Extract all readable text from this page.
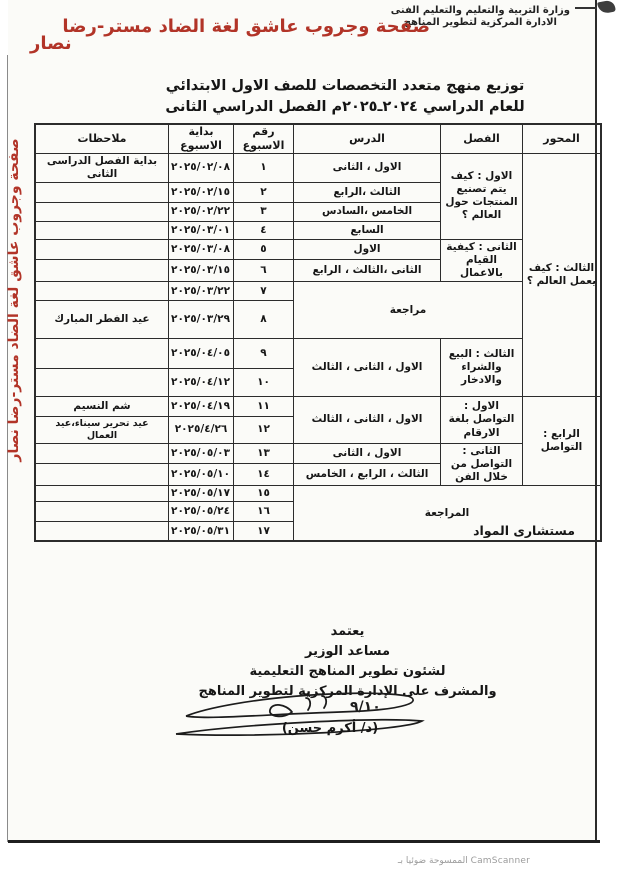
وزارة التربية والتعليم والتعليم الفنى
الادارة المركزية لتطوير المناهج
صفحة وجروب عاشق لغة الضاد مستر-رضا
نصار
صفحة وجروب عاشق لغة الضاد مستر-رضا نصار
توزيع منهج متعدد التخصصات للصف الاول الابتدائي
للعام الدراسي ⁦٢٠٢٤ـ٢٠٢٥⁩م الفصل الدراسي الثانى
المحور	الفصل	الدرس	رقم الاسبوع	بداية الاسبوع	ملاحظات
الثالث : كيف يعمل العالم ؟	الاول : كيف يتم تصنيع المنتجات حول العالم ؟	الاول ، الثانى	١	٢٠٢٥/٠٢/٠٨	بداية الفصل الدراسى الثانى
		الثالث ،الرابع	٢	٢٠٢٥/٠٢/١٥	
		الخامس ،السادس	٣	٢٠٢٥/٠٢/٢٢	
		السابع	٤	٢٠٢٥/٠٣/٠١	
	الثانى : كيفية القيام بالاعمال	الاول	٥	٢٠٢٥/٠٣/٠٨	
		الثانى ،الثالث ، الرابع	٦	٢٠٢٥/٠٣/١٥	
	مراجعة		٧	٢٠٢٥/٠٣/٢٢	
			٨	٢٠٢٥/٠٣/٢٩	عيد الفطر المبارك
	الثالث : البيع والشراء والادخار	الاول ، الثانى ، الثالث	٩	٢٠٢٥/٠٤/٠٥	
			١٠	٢٠٢٥/٠٤/١٢	
الرابع : التواصل	الاول : التواصل بلغة الارقام	الاول ، الثانى ، الثالث	١١	٢٠٢٥/٠٤/١٩	شم النسيم
			١٢	٢٠٢٥/٤/٢٦	عيد تحرير سيناء،عيد العمال
	الثانى : التواصل من خلال الفن	الاول ، الثانى	١٣	٢٠٢٥/٠٥/٠٣	
		الثالث ، الرابع ، الخامس	١٤	٢٠٢٥/٠٥/١٠	
المراجعة			١٥	٢٠٢٥/٠٥/١٧	
			١٦	٢٠٢٥/٠٥/٢٤	
			١٧	٢٠٢٥/٠٥/٣١		مستشارى المواد
يعتمد
مساعد الوزير
لشئون تطوير المناهج التعليمية
والمشرف على الإدارة المركزية لتطوير المناهج
٩/١٠
(د/ أكرم حسن)
الممسوحة ضوئيا بـ CamScanner
